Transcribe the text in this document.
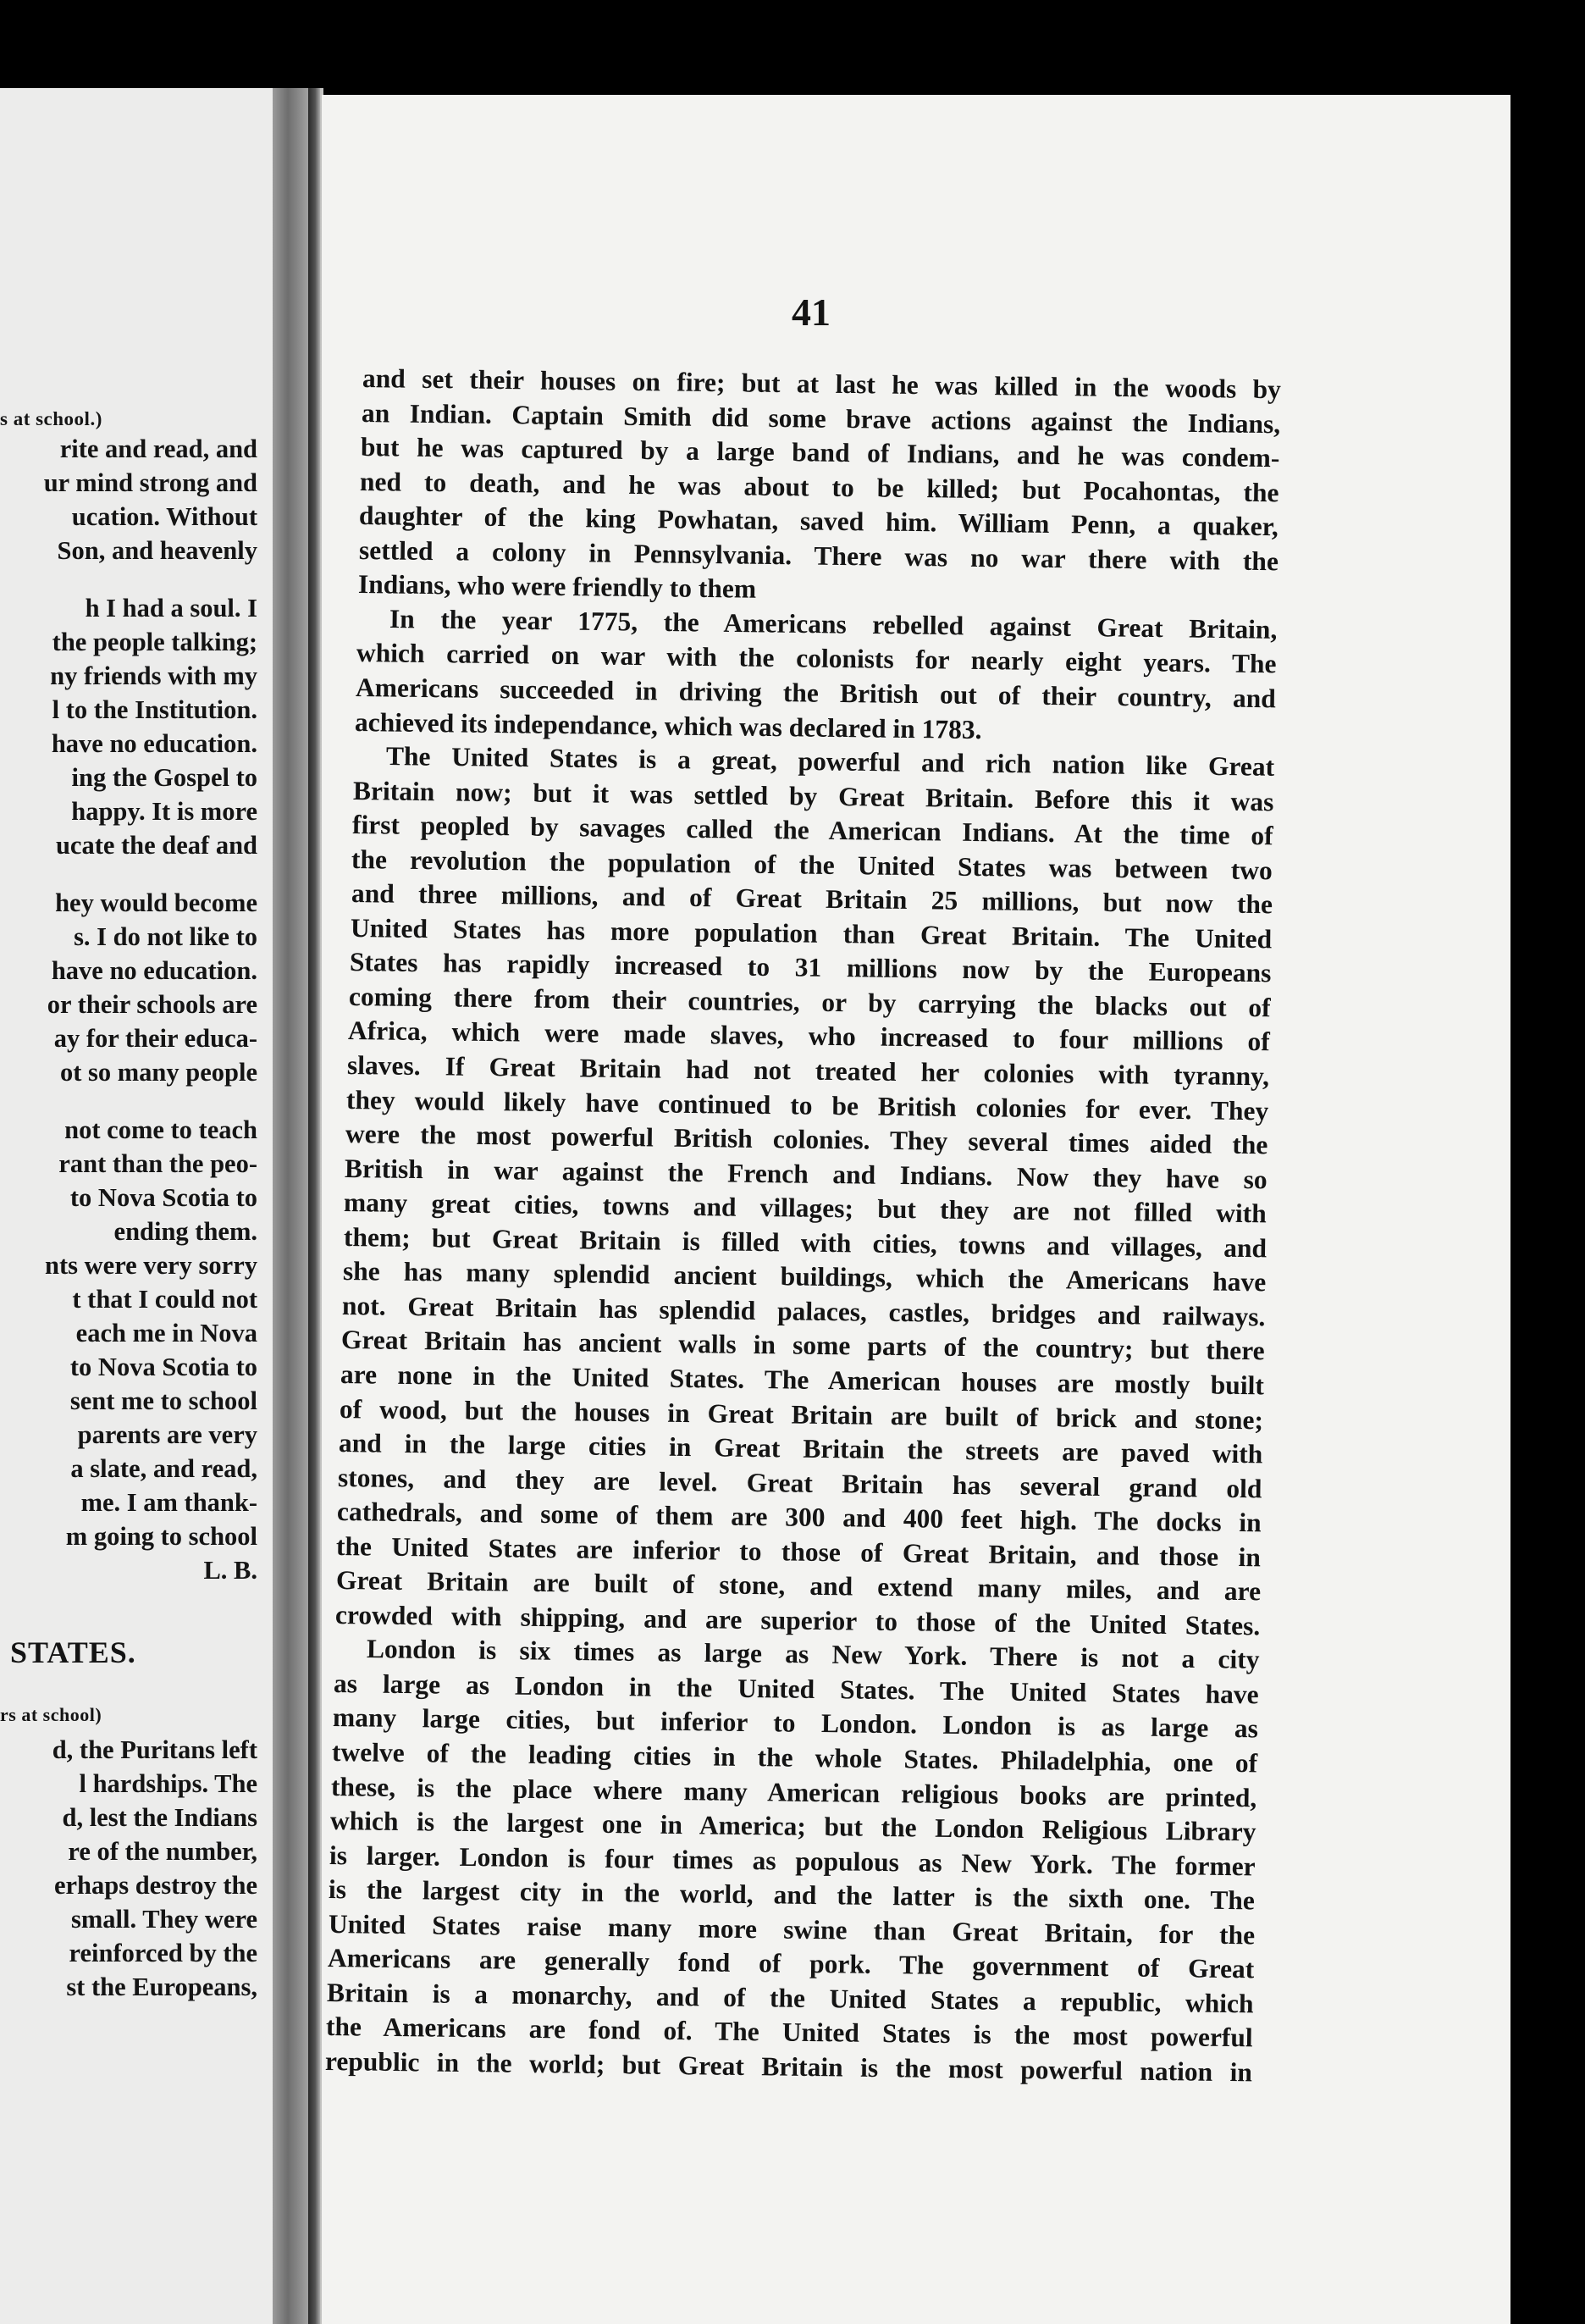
s at school.)
rite and read, and
ur mind strong and
ucation. Without
Son, and heavenly
h I had a soul. I
the people talking;
ny friends with my
l to the Institution.
have no education.
ing the Gospel to
happy. It is more
ucate the deaf and
hey would become
s. I do not like to
have no education.
or their schools are
ay for their educa-
ot so many people
not come to teach
rant than the peo-
to Nova Scotia to
ending them.
nts were very sorry
t that I could not
each me in Nova
to Nova Scotia to
sent me to school
parents are very
a slate, and read,
me. I am thank-
m going to school
L. B.
STATES.
rs at school)
d, the Puritans left
l hardships. The
d, lest the Indians
re of the number,
erhaps destroy the
small. They were
reinforced by the
st the Europeans,
41
and set their houses on fire; but at last he was killed in the woods by
an Indian. Captain Smith did some brave actions against the Indians,
but he was captured by a large band of Indians, and he was condem-
ned to death, and he was about to be killed; but Pocahontas, the
daughter of the king Powhatan, saved him. William Penn, a quaker,
settled a colony in Pennsylvania. There was no war there with the
Indians, who were friendly to them
In the year 1775, the Americans rebelled against Great Britain,
which carried on war with the colonists for nearly eight years. The
Americans succeeded in driving the British out of their country, and
achieved its independance, which was declared in 1783.
The United States is a great, powerful and rich nation like Great
Britain now; but it was settled by Great Britain. Before this it was
first peopled by savages called the American Indians. At the time of
the revolution the population of the United States was between two
and three millions, and of Great Britain 25 millions, but now the
United States has more population than Great Britain. The United
States has rapidly increased to 31 millions now by the Europeans
coming there from their countries, or by carrying the blacks out of
Africa, which were made slaves, who increased to four millions of
slaves. If Great Britain had not treated her colonies with tyranny,
they would likely have continued to be British colonies for ever. They
were the most powerful British colonies. They several times aided the
British in war against the French and Indians. Now they have so
many great cities, towns and villages; but they are not filled with
them; but Great Britain is filled with cities, towns and villages, and
she has many splendid ancient buildings, which the Americans have
not. Great Britain has splendid palaces, castles, bridges and railways.
Great Britain has ancient walls in some parts of the country; but there
are none in the United States. The American houses are mostly built
of wood, but the houses in Great Britain are built of brick and stone;
and in the large cities in Great Britain the streets are paved with
stones, and they are level. Great Britain has several grand old
cathedrals, and some of them are 300 and 400 feet high. The docks in
the United States are inferior to those of Great Britain, and those in
Great Britain are built of stone, and extend many miles, and are
crowded with shipping, and are superior to those of the United States.
London is six times as large as New York. There is not a city
as large as London in the United States. The United States have
many large cities, but inferior to London. London is as large as
twelve of the leading cities in the whole States. Philadelphia, one of
these, is the place where many American religious books are printed,
which is the largest one in America; but the London Religious Library
is larger. London is four times as populous as New York. The former
is the largest city in the world, and the latter is the sixth one. The
United States raise many more swine than Great Britain, for the
Americans are generally fond of pork. The government of Great
Britain is a monarchy, and of the United States a republic, which
the Americans are fond of. The United States is the most powerful
republic in the world; but Great Britain is the most powerful nation in
